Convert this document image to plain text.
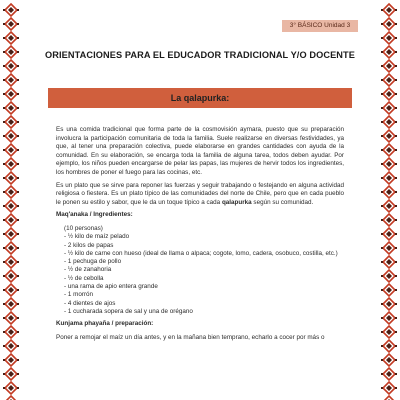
3° BÁSICO Unidad 3
ORIENTACIONES PARA EL EDUCADOR TRADICIONAL Y/O DOCENTE
La qalapurka:

Es una comida tradicional que forma parte de la cosmovisión aymara, puesto que su preparación involucra la participación comunitaria de toda la familia. Suele realizarse en diversas festividades, ya que, al tener una preparación colectiva, puede elaborarse en grandes cantidades con ayuda de la comunidad. En su elaboración, se encarga toda la familia de alguna tarea, todos deben ayudar. Por ejemplo, los niños pueden encargarse de pelar las papas, las mujeres de hervir todos los ingredientes, los hombres de poner el fuego para las cocinas, etc.

Es un plato que se sirve para reponer las fuerzas y seguir trabajando o festejando en alguna actividad religiosa o fiestera. Es un plato típico de las comunidades del norte de Chile, pero que en cada pueblo le ponen su estilo y sabor, que le da un toque típico a cada qalapurka según su comunidad.

Maq'anaka / Ingredientes:

(10 personas)
- ½ kilo de maíz pelado
- 2 kilos de papas
- ½ kilo de carne con hueso (ideal de llama o alpaca; cogote, lomo, cadera, osobuco, costilla, etc.)
- 1 pechuga de pollo
- ½ de zanahoria
- ½ de cebolla
- una rama de apio entera grande
- 1 morrón
- 4 dientes de ajos
- 1 cucharada sopera de sal y una de orégano

Kunjama phayaña / preparación:

Poner a remojar el maíz un día antes, y en la mañana bien temprano, echarlo a cocer por más o
